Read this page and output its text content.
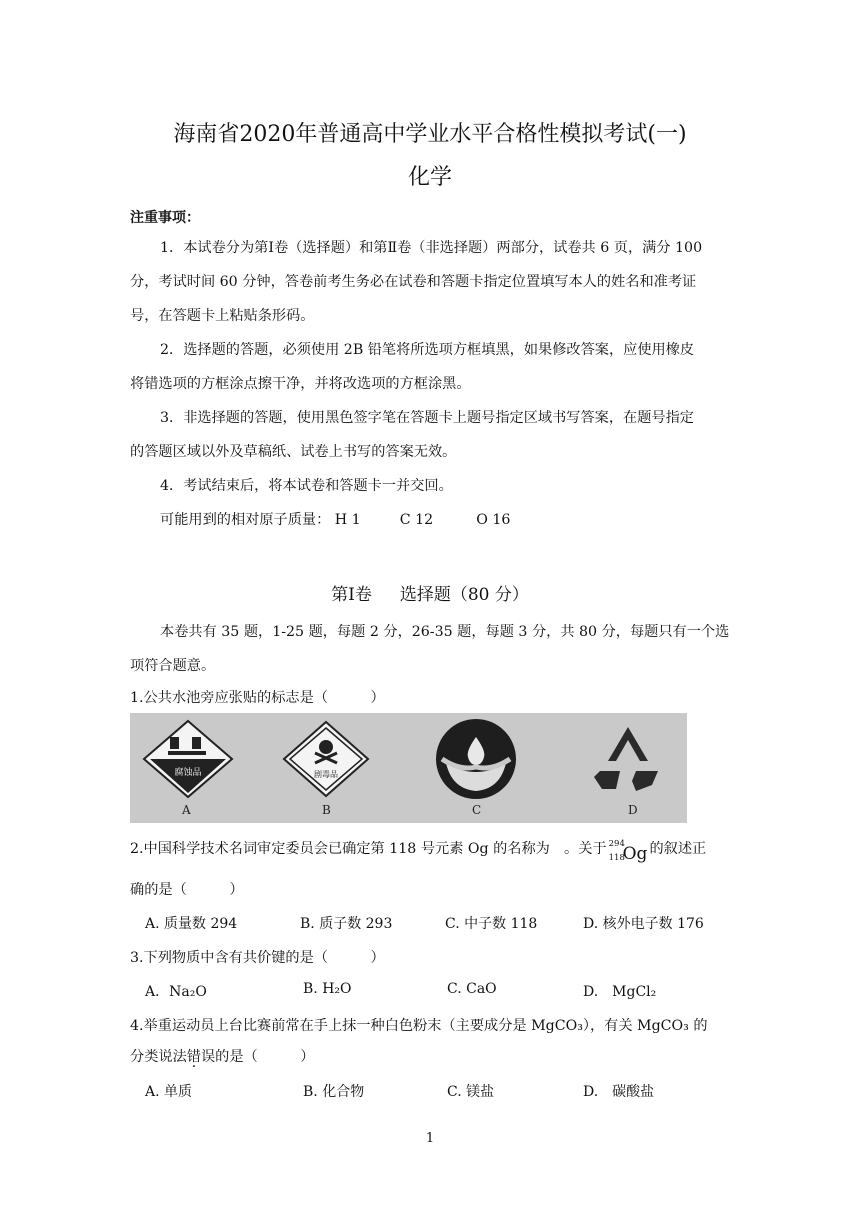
海南省2020年普通高中学业水平合格性模拟考试(一)
化学
注重事项：
1．本试卷分为第Ⅰ卷（选择题）和第Ⅱ卷（非选择题）两部分，试卷共 6 页，满分 100
分，考试时间 60 分钟，答卷前考生务必在试卷和答题卡指定位置填写本人的姓名和准考证
号，在答题卡上粘贴条形码。
2．选择题的答题，必须使用 2B 铅笔将所选项方框填黑，如果修改答案，应使用橡皮
将错选项的方框涂点擦干净，并将改选项的方框涂黑。
3．非选择题的答题，使用黑色签字笔在答题卡上题号指定区域书写答案，在题号指定
的答题区域以外及草稿纸、试卷上书写的答案无效。
4．考试结束后，将本试卷和答题卡一并交回。
可能用到的相对原子质量： H 1	C 12	O 16
第Ⅰ卷 选择题（80 分）
本卷共有 35 题，1-25 题，每题 2 分，26-35 题，每题 3 分，共 80 分，每题只有一个选
项符合题意。
1.公共水池旁应张贴的标志是（　　　）
腐蚀品	剧毒品
A	B	C	D
2.中国科学技术名词审定委员会已确定第 118 号元素 Og 的名称为　。关于 294
118
Og 的叙述正
确的是（　　　）
A. 质量数 294	B. 质子数 293	C. 中子数 118	D. 核外电子数 176
3.下列物质中含有共价键的是（　　　）
A．Na₂O	B. H₂O	C. CaO	D.　MgCl₂
4.举重运动员上台比赛前常在手上抹一种白色粉末（主要成分是 MgCO₃），有关 MgCO₃ 的
分类说法错误的是（　　　）
A. 单质	B. 化合物	C. 镁盐	D.　碳酸盐
1
